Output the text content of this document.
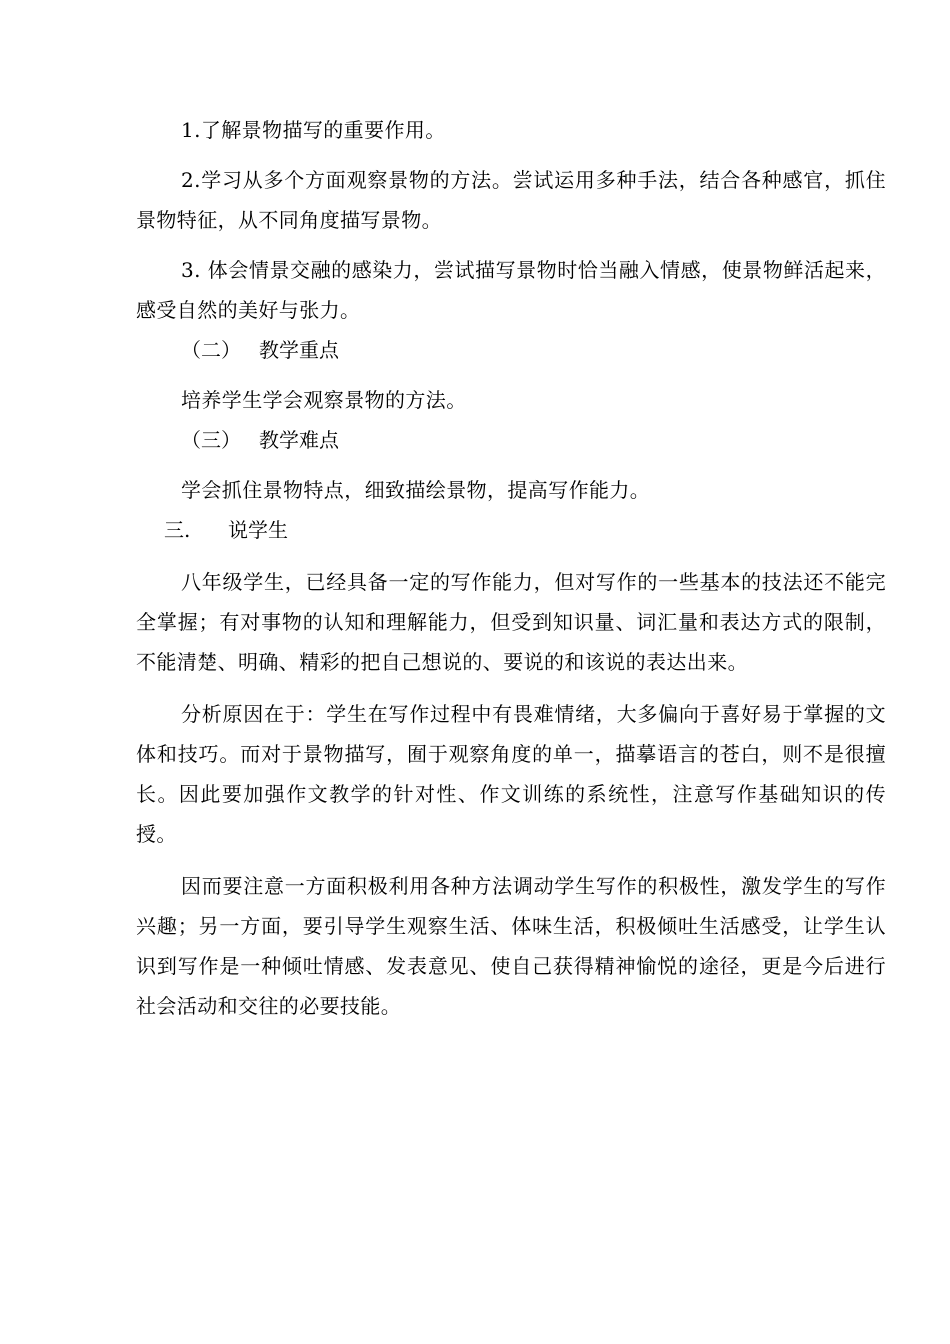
1.了解景物描写的重要作用。

2.学习从多个方面观察景物的方法。尝试运用多种手法，结合各种感官，抓住景物特征，从不同角度描写景物。

3. 体会情景交融的感染力，尝试描写景物时恰当融入情感，使景物鲜活起来，感受自然的美好与张力。

（二） 教学重点

培养学生学会观察景物的方法。

（三） 教学难点

学会抓住景物特点，细致描绘景物，提高写作能力。

三. 说学生

八年级学生，已经具备一定的写作能力，但对写作的一些基本的技法还不能完全掌握；有对事物的认知和理解能力，但受到知识量、词汇量和表达方式的限制，不能清楚、明确、精彩的把自己想说的、要说的和该说的表达出来。

分析原因在于：学生在写作过程中有畏难情绪，大多偏向于喜好易于掌握的文体和技巧。而对于景物描写，囿于观察角度的单一，描摹语言的苍白，则不是很擅长。因此要加强作文教学的针对性、作文训练的系统性，注意写作基础知识的传授。

因而要注意一方面积极利用各种方法调动学生写作的积极性，激发学生的写作兴趣；另一方面，要引导学生观察生活、体味生活，积极倾吐生活感受，让学生认识到写作是一种倾吐情感、发表意见、使自己获得精神愉悦的途径，更是今后进行社会活动和交往的必要技能。
